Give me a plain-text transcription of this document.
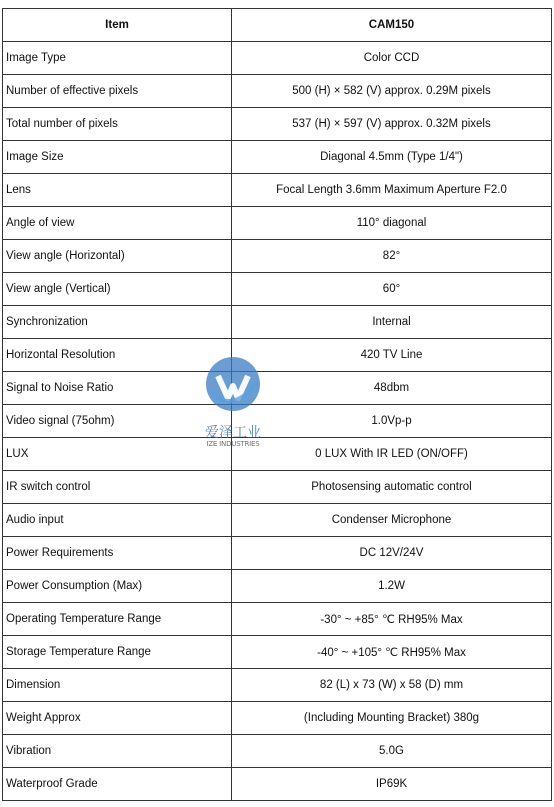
Item	CAM150
Image Type	Color CCD
Number of effective pixels	500 (H) × 582 (V) approx. 0.29M pixels
Total number of pixels	537 (H) × 597 (V) approx. 0.32M pixels
Image Size	Diagonal 4.5mm (Type 1/4")
Lens	Focal Length 3.6mm Maximum Aperture F2.0
Angle of view	110° diagonal
View angle (Horizontal)	82°
View angle (Vertical)	60°
Synchronization	Internal
Horizontal Resolution	420 TV Line
Signal to Noise Ratio	48dbm
Video signal (75ohm)	1.0Vp-p
LUX	0 LUX With IR LED (ON/OFF)
IR switch control	Photosensing automatic control
Audio input	Condenser Microphone
Power Requirements	DC 12V/24V
Power Consumption (Max)	1.2W
Operating Temperature Range	-30° ~ +85° ℃ RH95% Max
Storage Temperature Range	-40° ~ +105° ℃ RH95% Max
Dimension	82 (L) x 73 (W) x 58 (D) mm
Weight Approx	(Including Mounting Bracket) 380g
Vibration	5.0G
Waterproof Grade	IP69K
爱泽工业
IZE INDUSTRIES
